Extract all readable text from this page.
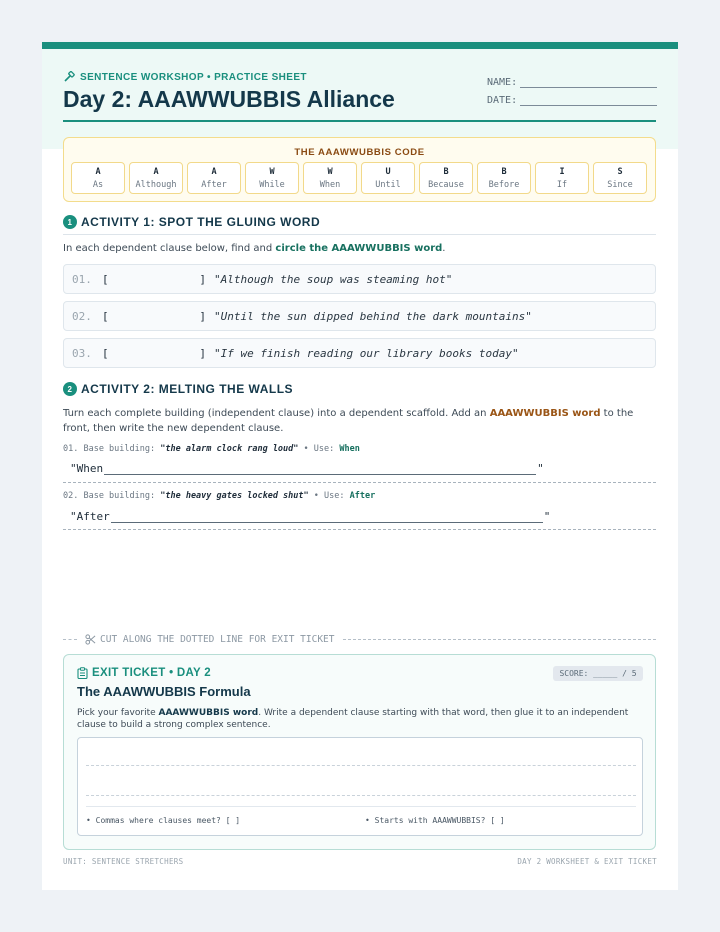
SENTENCE WORKSHOP • PRACTICE SHEET
Day 2: AAAWWUBBIS Alliance
NAME:
DATE:
THE AAAWWUBBIS CODE
A
As
A
Although
A
After
W
While
W
When
U
Until
B
Because
B
Before
I
If
S
Since
1 ACTIVITY 1: SPOT THE GLUING WORD
In each dependent clause below, find and circle the AAAWWUBBIS word.
01. [	] "Although the soup was steaming hot"
02. [	] "Until the sun dipped behind the dark mountains"
03. [	] "If we finish reading our library books today"
2 ACTIVITY 2: MELTING THE WALLS
Turn each complete building (independent clause) into a dependent scaffold. Add an AAAWWUBBIS word to the front, then write the new dependent clause.
01. Base building: "the alarm clock rang loud" • Use: When
"When	"
02. Base building: "the heavy gates locked shut" • Use: After
"After	"
CUT ALONG THE DOTTED LINE FOR EXIT TICKET
EXIT TICKET • DAY 2	SCORE: _____ / 5
The AAAWWUBBIS Formula
Pick your favorite AAAWWUBBIS word. Write a dependent clause starting with that word, then glue it to an independent clause to build a strong complex sentence.
• Commas where clauses meet? [ ]	• Starts with AAAWWUBBIS? [ ]
UNIT: SENTENCE STRETCHERS	DAY 2 WORKSHEET & EXIT TICKET
